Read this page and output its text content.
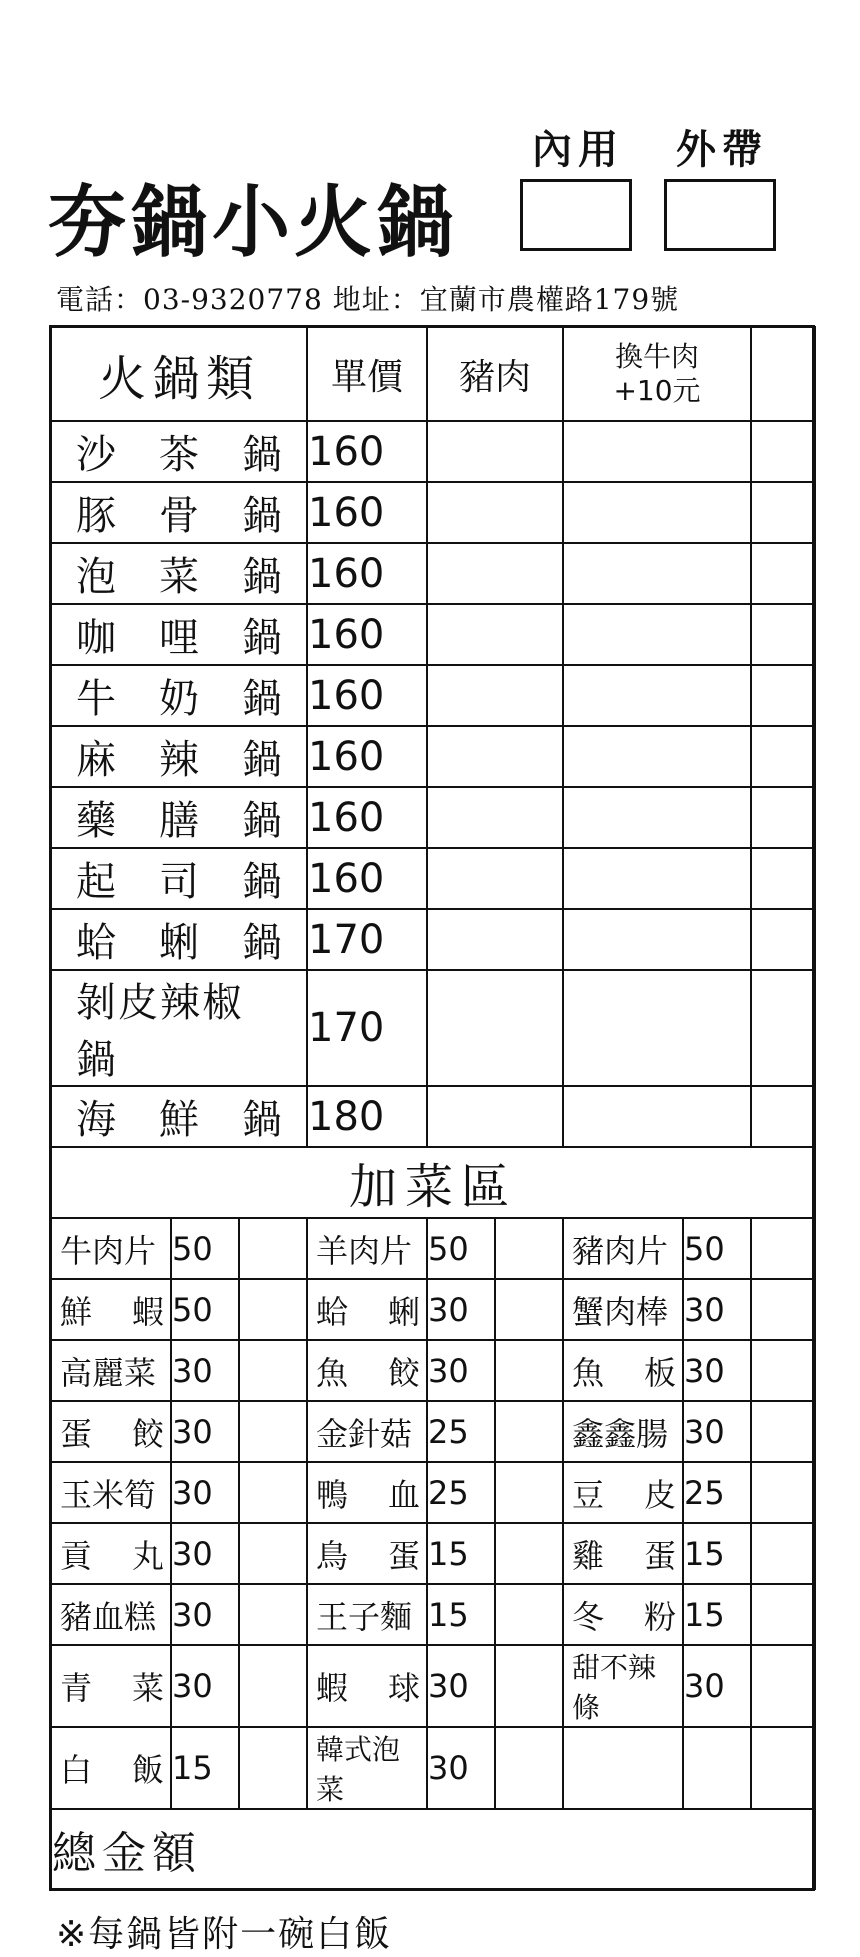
夯鍋小火鍋
內用	外帶
電話：03-9320778 地址：宜蘭市農權路179號
火鍋類			單價	豬肉		換牛肉
+10元		

沙 茶 鍋			160					

豚 骨 鍋			160					

泡 菜 鍋			160					

咖 哩 鍋			160					

牛 奶 鍋			160					

麻 辣 鍋			160					

藥 膳 鍋			160					

起 司 鍋			160					

蛤 蜊 鍋			170					

剝皮辣椒鍋			170					

海 鮮 鍋			180					
加菜區								

牛肉片	50		羊肉片	50		豬肉片	50	

鮮 蝦	50		蛤 蜊	30		蟹肉棒	30	

高麗菜	30		魚 餃	30		魚 板	30	

蛋 餃	30		金針菇	25		鑫鑫腸	30	

玉米筍	30		鴨 血	25		豆 皮	25	

貢 丸	30		鳥 蛋	15		雞 蛋	15	

豬血糕	30		王子麵	15		冬 粉	15	

青 菜	30		蝦 球	30		甜不辣條	30	

白 飯	15		韓式泡菜	30		

總金額								
※每鍋皆附一碗白飯
